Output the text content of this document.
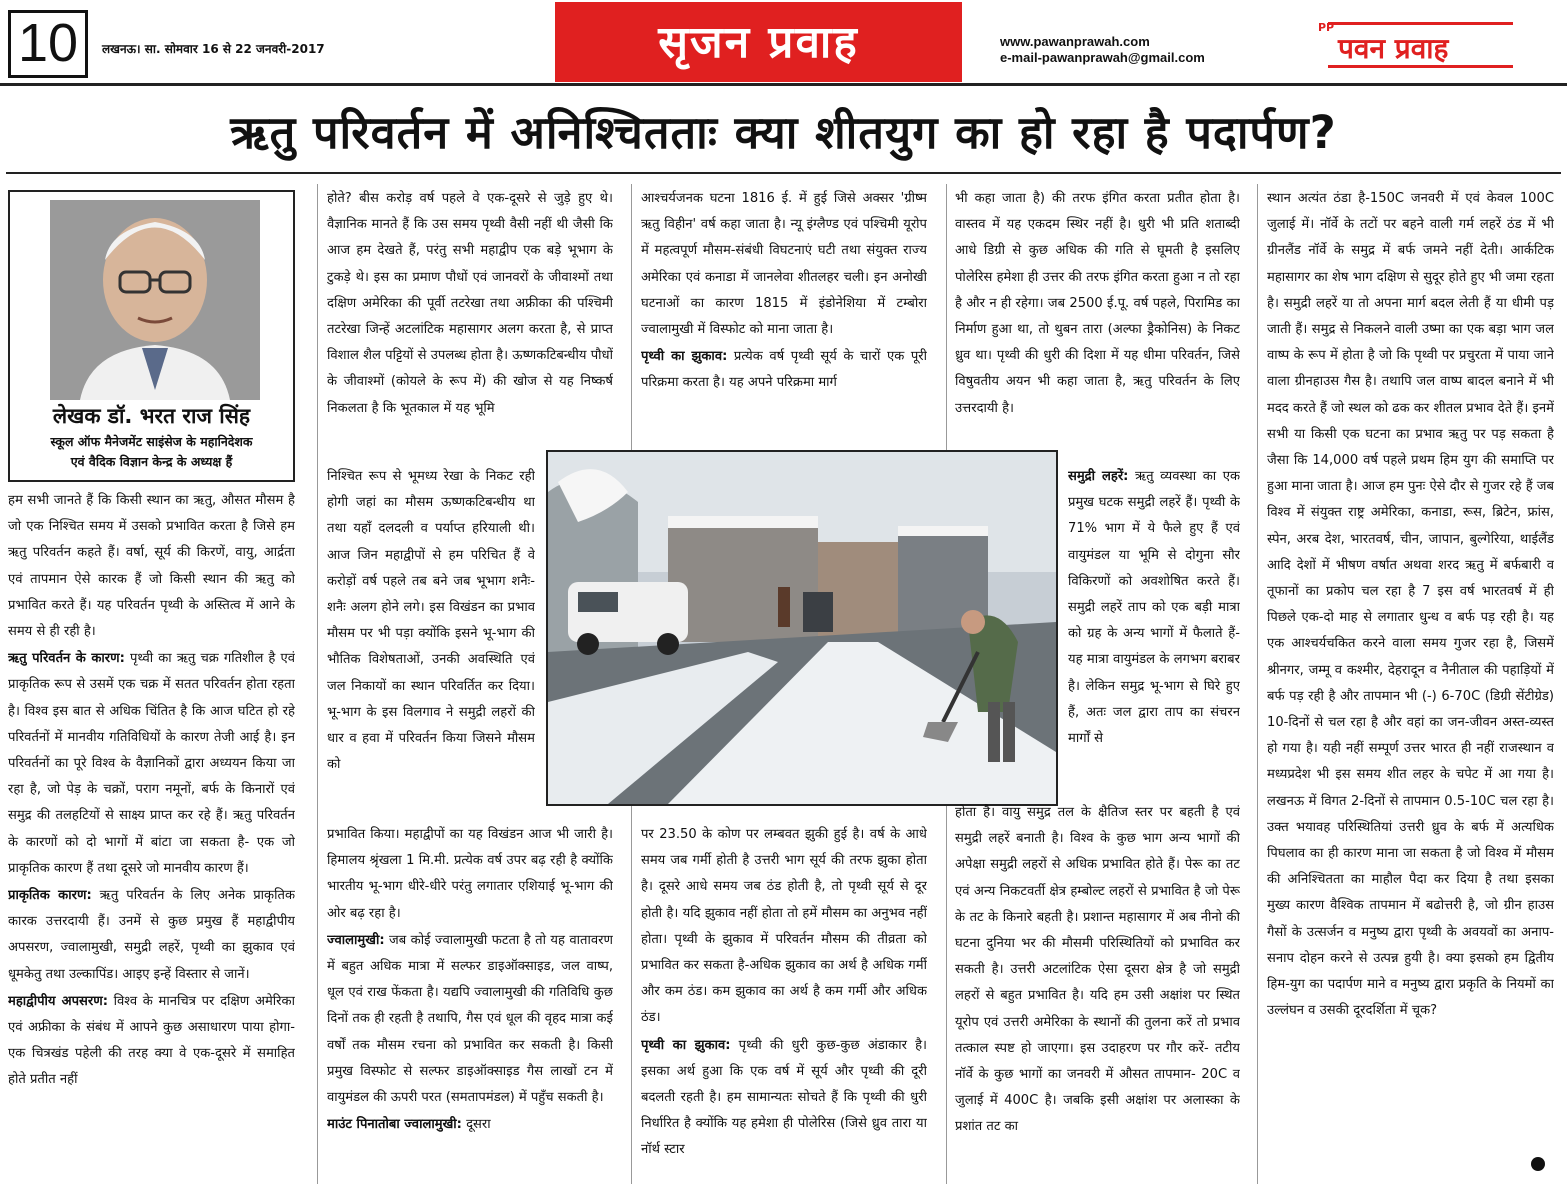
10	लखनऊ। सा. सोमवार 16 से 22 जनवरी-2017	सृजन प्रवाह	www.pawanprawah.com
e-mail-pawanprawah@gmail.com
PP
पवन प्रवाह
ऋतु परिवर्तन में अनिश्चितताः क्या शीतयुग का हो रहा है पदार्पण?
लेखक डॉ. भरत राज सिंह
स्कूल ऑफ मैनेजमेंट साइंसेज के महानिदेशक
एवं वैदिक विज्ञान केन्द्र के अध्यक्ष हैं

हम सभी जानते हैं कि किसी स्थान का ऋतु, औसत मौसम है जो एक निश्चित समय में उसको प्रभावित करता है जिसे हम ऋतु परिवर्तन कहते हैं। वर्षा, सूर्य की किरणें, वायु, आर्द्रता एवं तापमान ऐसे कारक हैं जो किसी स्थान की ऋतु को प्रभावित करते हैं। यह परिवर्तन पृथ्वी के अस्तित्व में आने के समय से ही रही है।

ऋतु परिवर्तन के कारण: पृथ्वी का ऋतु चक्र गतिशील है एवं प्राकृतिक रूप से उसमें एक चक्र में सतत परिवर्तन होता रहता है। विश्व इस बात से अधिक चिंतित है कि आज घटित हो रहे परिवर्तनों में मानवीय गतिविधियों के कारण तेजी आई है। इन परिवर्तनों का पूरे विश्व के वैज्ञानिकों द्वारा अध्ययन किया जा रहा है, जो पेड़ के चक्रों, पराग नमूनों, बर्फ के किनारों एवं समुद्र की तलहटियों से साक्ष्य प्राप्त कर रहे हैं। ऋतु परिवर्तन के कारणों को दो भागों में बांटा जा सकता है- एक जो प्राकृतिक कारण हैं तथा दूसरे जो मानवीय कारण हैं।

प्राकृतिक कारण: ऋतु परिवर्तन के लिए अनेक प्राकृतिक कारक उत्तरदायी हैं। उनमें से कुछ प्रमुख हैं महाद्वीपीय अपसरण, ज्वालामुखी, समुद्री लहरें, पृथ्वी का झुकाव एवं धूमकेतु तथा उल्कापिंड। आइए इन्हें विस्तार से जानें।

महाद्वीपीय अपसरण: विश्व के मानचित्र पर दक्षिण अमेरिका एवं अफ्रीका के संबंध में आपने कुछ असाधारण पाया होगा-एक चित्रखंड पहेली की तरह क्या वे एक-दूसरे में समाहित होते प्रतीत नहीं

होते? बीस करोड़ वर्ष पहले वे एक-दूसरे से जुड़े हुए थे। वैज्ञानिक मानते हैं कि उस समय पृथ्वी वैसी नहीं थी जैसी कि आज हम देखते हैं, परंतु सभी महाद्वीप एक बड़े भूभाग के टुकड़े थे। इस का प्रमाण पौधों एवं जानवरों के जीवाश्मों तथा दक्षिण अमेरिका की पूर्वी तटरेखा तथा अफ्रीका की पश्चिमी तटरेखा जिन्हें अटलांटिक महासागर अलग करता है, से प्राप्त विशाल शैल पट्टियों से उपलब्ध होता है। ऊष्णकटिबन्धीय पौधों के जीवाश्मों (कोयले के रूप में) की खोज से यह निष्कर्ष निकलता है कि भूतकाल में यह भूमि

निश्चित रूप से भूमध्य रेखा के निकट रही होगी जहां का मौसम ऊष्णकटिबन्धीय था तथा यहाँ दलदली व पर्याप्त हरियाली थी। आज जिन महाद्वीपों से हम परिचित हैं वे करोड़ों वर्ष पहले तब बने जब भूभाग शनैः-शनैः अलग होने लगे। इस विखंडन का प्रभाव मौसम पर भी पड़ा क्योंकि इसने भू-भाग की भौतिक विशेषताओं, उनकी अवस्थिति एवं जल निकायों का स्थान परिवर्तित कर दिया। भू-भाग के इस विलगाव ने समुद्री लहरों की धार व हवा में परिवर्तन किया जिसने मौसम को

प्रभावित किया। महाद्वीपों का यह विखंडन आज भी जारी है। हिमालय श्रृंखला 1 मि.मी. प्रत्येक वर्ष उपर बढ़ रही है क्योंकि भारतीय भू-भाग धीरे-धीरे परंतु लगातार एशियाई भू-भाग की ओर बढ़ रहा है।

ज्वालामुखी: जब कोई ज्वालामुखी फटता है तो यह वातावरण में बहुत अधिक मात्रा में सल्फर डाइऑक्साइड, जल वाष्प, धूल एवं राख फेंकता है। यद्यपि ज्वालामुखी की गतिविधि कुछ दिनों तक ही रहती है तथापि, गैस एवं धूल की वृहद मात्रा कई वर्षों तक मौसम रचना को प्रभावित कर सकती है। किसी प्रमुख विस्फोट से सल्फर डाइऑक्साइड गैस लाखों टन में वायुमंडल की ऊपरी परत (समतापमंडल) में पहुँच सकती है।

माउंट पिनातोबा ज्वालामुखी: दूसरा

आश्चर्यजनक घटना 1816 ई. में हुई जिसे अक्सर 'ग्रीष्म ऋतु विहीन' वर्ष कहा जाता है। न्यू इंग्लैण्ड एवं पश्चिमी यूरोप में महत्वपूर्ण मौसम-संबंधी विघटनाएं घटी तथा संयुक्त राज्य अमेरिका एवं कनाडा में जानलेवा शीतलहर चली। इन अनोखी घटनाओं का कारण 1815 में इंडोनेशिया में टम्बोरा ज्वालामुखी में विस्फोट को माना जाता है।

पृथ्वी का झुकाव: प्रत्येक वर्ष पृथ्वी सूर्य के चारों एक पूरी परिक्रमा करता है। यह अपने परिक्रमा मार्ग

पर 23.50 के कोण पर लम्बवत झुकी हुई है। वर्ष के आधे समय जब गर्मी होती है उत्तरी भाग सूर्य की तरफ झुका होता है। दूसरे आधे समय जब ठंड होती है, तो पृथ्वी सूर्य से दूर होती है। यदि झुकाव नहीं होता तो हमें मौसम का अनुभव नहीं होता। पृथ्वी के झुकाव में परिवर्तन मौसम की तीव्रता को प्रभावित कर सकता है-अधिक झुकाव का अर्थ है अधिक गर्मी और कम ठंड। कम झुकाव का अर्थ है कम गर्मी और अधिक ठंड।

पृथ्वी का झुकाव: पृथ्वी की धुरी कुछ-कुछ अंडाकार है। इसका अर्थ हुआ कि एक वर्ष में सूर्य और पृथ्वी की दूरी बदलती रहती है। हम सामान्यतः सोचते हैं कि पृथ्वी की धुरी निर्धारित है क्योंकि यह हमेशा ही पोलेरिस (जिसे ध्रुव तारा या नॉर्थ स्टार

भी कहा जाता है) की तरफ इंगित करता प्रतीत होता है। वास्तव में यह एकदम स्थिर नहीं है। धुरी भी प्रति शताब्दी आधे डिग्री से कुछ अधिक की गति से घूमती है इसलिए पोलेरिस हमेशा ही उत्तर की तरफ इंगित करता हुआ न तो रहा है और न ही रहेगा। जब 2500 ई.पू. वर्ष पहले, पिरामिड का निर्माण हुआ था, तो थुबन तारा (अल्फा ड्रैकोनिस) के निकट ध्रुव था। पृथ्वी की धुरी की दिशा में यह धीमा परिवर्तन, जिसे विषुवतीय अयन भी कहा जाता है, ऋतु परिवर्तन के लिए उत्तरदायी है।

समुद्री लहरें: ऋतु व्यवस्था का एक प्रमुख घटक समुद्री लहरें हैं। पृथ्वी के 71% भाग में ये फैले हुए हैं एवं वायुमंडल या भूमि से दोगुना सौर विकिरणों को अवशोषित करते हैं। समुद्री लहरें ताप को एक बड़ी मात्रा को ग्रह के अन्य भागों में फैलाते हैं- यह मात्रा वायुमंडल के लगभग बराबर है। लेकिन समुद्र भू-भाग से घिरे हुए हैं, अतः जल द्वारा ताप का संचरन मार्गों से

होता है। वायु समुद्र तल के क्षैतिज स्तर पर बहती है एवं समुद्री लहरें बनाती है। विश्व के कुछ भाग अन्य भागों की अपेक्षा समुद्री लहरों से अधिक प्रभावित होते हैं। पेरू का तट एवं अन्य निकटवर्ती क्षेत्र हम्बोल्ट लहरों से प्रभावित है जो पेरू के तट के किनारे बहती है। प्रशान्त महासागर में अब नीनो की घटना दुनिया भर की मौसमी परिस्थितियों को प्रभावित कर सकती है। उत्तरी अटलांटिक ऐसा दूसरा क्षेत्र है जो समुद्री लहरों से बहुत प्रभावित है। यदि हम उसी अक्षांश पर स्थित यूरोप एवं उत्तरी अमेरिका के स्थानों की तुलना करें तो प्रभाव तत्काल स्पष्ट हो जाएगा। इस उदाहरण पर गौर करें- तटीय नॉर्वे के कुछ भागों का जनवरी में औसत तापमान- 20C व जुलाई में 400C है। जबकि इसी अक्षांश पर अलास्का के प्रशांत तट का

स्थान अत्यंत ठंडा है-150C जनवरी में एवं केवल 100C जुलाई में। नॉर्वे के तटों पर बहने वाली गर्म लहरें ठंड में भी ग्रीनलैंड नॉर्वे के समुद्र में बर्फ जमने नहीं देती। आर्कटिक महासागर का शेष भाग दक्षिण से सुदूर होते हुए भी जमा रहता है। समुद्री लहरें या तो अपना मार्ग बदल लेती हैं या धीमी पड़ जाती हैं। समुद्र से निकलने वाली उष्मा का एक बड़ा भाग जल वाष्प के रूप में होता है जो कि पृथ्वी पर प्रचुरता में पाया जाने वाला ग्रीनहाउस गैस है। तथापि जल वाष्प बादल बनाने में भी मदद करते हैं जो स्थल को ढक कर शीतल प्रभाव देते हैं। इनमें सभी या किसी एक घटना का प्रभाव ऋतु पर पड़ सकता है जैसा कि 14,000 वर्ष पहले प्रथम हिम युग की समाप्ति पर हुआ माना जाता है। आज हम पुनः ऐसे दौर से गुजर रहे हैं जब विश्व में संयुक्त राष्ट्र अमेरिका, कनाडा, रूस, ब्रिटेन, फ्रांस, स्पेन, अरब देश, भारतवर्ष, चीन, जापान, बुल्गेरिया, थाईलैंड आदि देशों में भीषण वर्षात अथवा शरद ऋतु में बर्फबारी व तूफानों का प्रकोप चल रहा है 7 इस वर्ष भारतवर्ष में ही पिछले एक-दो माह से लगातार धुन्ध व बर्फ पड़ रही है। यह एक आश्चर्यचकित करने वाला समय गुजर रहा है, जिसमें श्रीनगर, जम्मू व कश्मीर, देहरादून व नैनीताल की पहाड़ियों में बर्फ पड़ रही है और तापमान भी (-) 6-70C (डिग्री सेंटीग्रेड) 10-दिनों से चल रहा है और वहां का जन-जीवन अस्त-व्यस्त हो गया है। यही नहीं सम्पूर्ण उत्तर भारत ही नहीं राजस्थान व मध्यप्रदेश भी इस समय शीत लहर के चपेट में आ गया है। लखनऊ में विगत 2-दिनों से तापमान 0.5-10C चल रहा है। उक्त भयावह परिस्थितियां उत्तरी ध्रुव के बर्फ में अत्यधिक पिघलाव का ही कारण माना जा सकता है जो विश्व में मौसम की अनिश्चितता का माहौल पैदा कर दिया है तथा इसका मुख्य कारण वैश्विक तापमान में बढोत्तरी है, जो ग्रीन हाउस गैसों के उत्सर्जन व मनुष्य द्वारा पृथ्वी के अवयवों का अनाप-सनाप दोहन करने से उत्पन्न हुयी है। क्या इसको हम द्वितीय हिम-युग का पदार्पण माने व मनुष्य द्वारा प्रकृति के नियमों का उल्लंघन व उसकी दूरदर्शिता में चूक?
